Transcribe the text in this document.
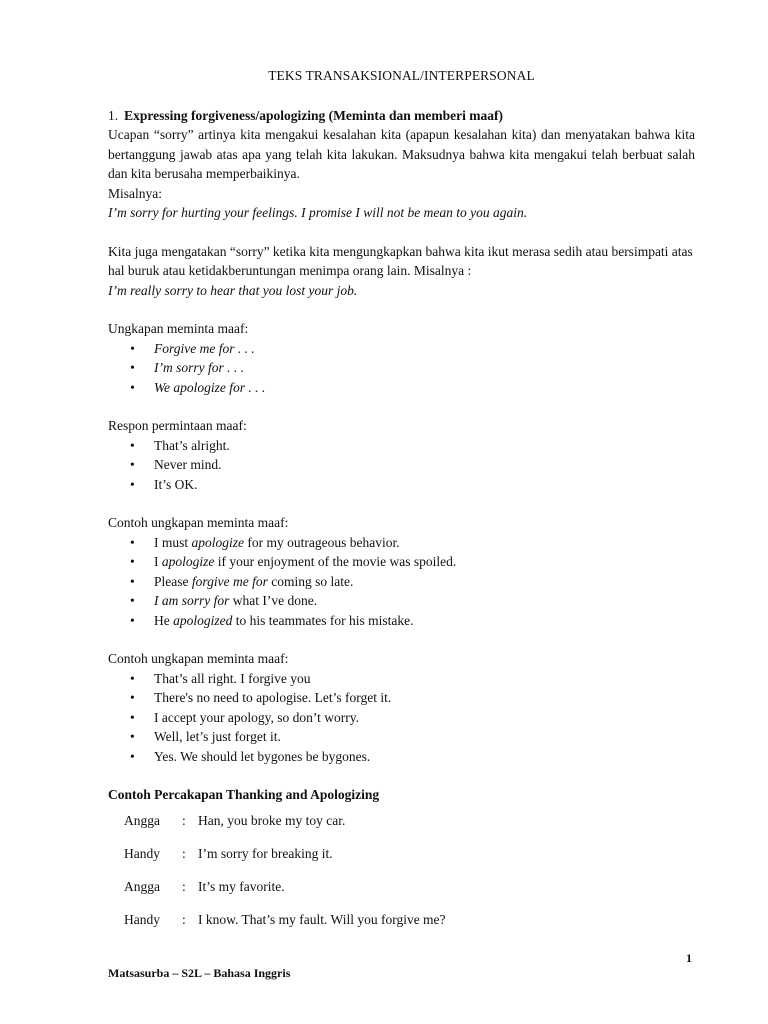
TEKS TRANSAKSIONAL/INTERPERSONAL

1. Expressing forgiveness/apologizing (Meminta dan memberi maaf)

Ucapan “sorry” artinya kita mengakui kesalahan kita (apapun kesalahan kita) dan menyatakan bahwa kita bertanggung jawab atas apa yang telah kita lakukan. Maksudnya bahwa kita mengakui telah berbuat salah dan kita berusaha memperbaikinya.

Misalnya:

I’m sorry for hurting your feelings. I promise I will not be mean to you again.

Kita juga mengatakan “sorry” ketika kita mengungkapkan bahwa kita ikut merasa sedih atau bersimpati atas hal buruk atau ketidakberuntungan menimpa orang lain. Misalnya :

I’m really sorry to hear that you lost your job.

Ungkapan meminta maaf:

• Forgive me for . . .
• I’m sorry for . . .
• We apologize for . . .

Respon permintaan maaf:

• That’s alright.
• Never mind.
• It’s OK.

Contoh ungkapan meminta maaf:

• I must apologize for my outrageous behavior.
• I apologize if your enjoyment of the movie was spoiled.
• Please forgive me for coming so late.
• I am sorry for what I’ve done.
• He apologized to his teammates for his mistake.

Contoh ungkapan meminta maaf:

• That’s all right. I forgive you
• There's no need to apologise. Let’s forget it.
• I accept your apology, so don’t worry.
• Well, let’s just forget it.
• Yes. We should let bygones be bygones.

Contoh Percakapan Thanking and Apologizing

Angga	: Han, you broke my toy car.
Handy	: I’m sorry for breaking it.
Angga	: It’s my favorite.
Handy	: I know. That’s my fault. Will you forgive me?
1
Matsasurba – S2L – Bahasa Inggris
